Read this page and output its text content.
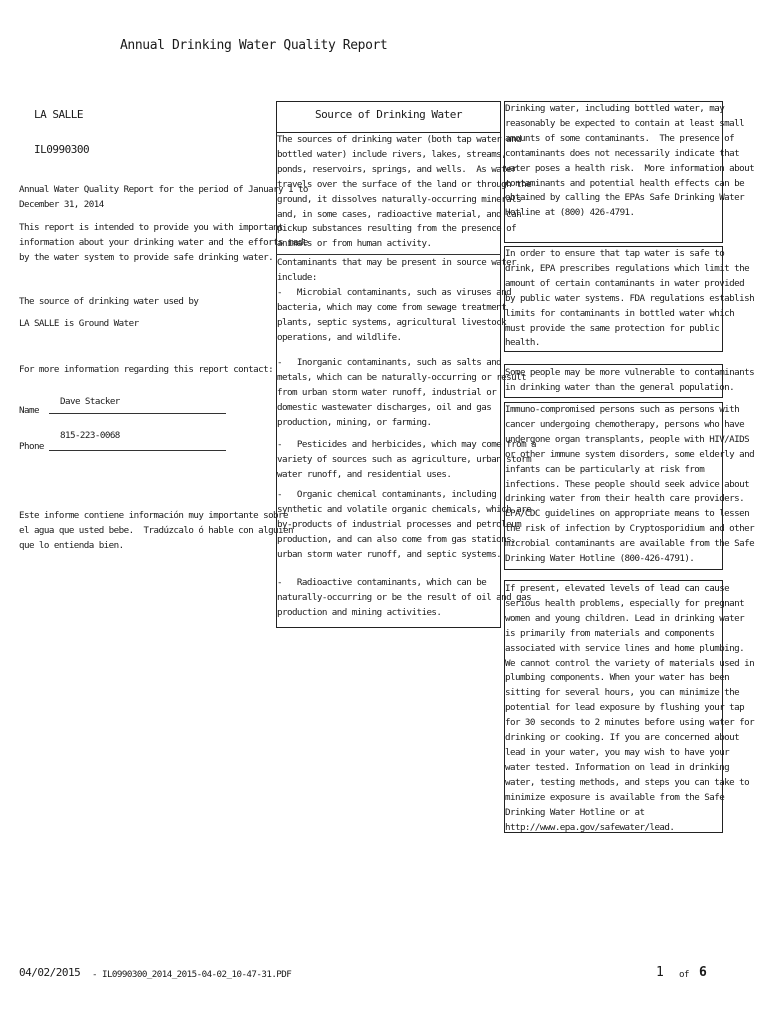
Annual Drinking Water Quality Report
LA SALLE
IL0990300
Annual Water Quality Report for the period of January 1 to
December 31, 2014
This report is intended to provide you with important
information about your drinking water and the efforts made
by the water system to provide safe drinking water.
The source of drinking water used by
LA SALLE is Ground Water
For more information regarding this report contact:
Name
Dave Stacker
Phone
815-223-0068
Este informe contiene información muy importante sobre
el agua que usted bebe.  Tradúzcalo ó hable con alguien
que lo entienda bien.
Source of Drinking Water
The sources of drinking water (both tap water and
bottled water) include rivers, lakes, streams,
ponds, reservoirs, springs, and wells.  As water
travels over the surface of the land or through the
ground, it dissolves naturally-occurring minerals
and, in some cases, radioactive material, and can
pickup substances resulting from the presence of
animals or from human activity.
Contaminants that may be present in source water
include:
-   Microbial contaminants, such as viruses and
bacteria, which may come from sewage treatment
plants, septic systems, agricultural livestock
operations, and wildlife.
-   Inorganic contaminants, such as salts and
metals, which can be naturally-occurring or result
from urban storm water runoff, industrial or
domestic wastewater discharges, oil and gas
production, mining, or farming.
-   Pesticides and herbicides, which may come from a
variety of sources such as agriculture, urban storm
water runoff, and residential uses.
-   Organic chemical contaminants, including
synthetic and volatile organic chemicals, which are
by-products of industrial processes and petroleum
production, and can also come from gas stations,
urban storm water runoff, and septic systems.
-   Radioactive contaminants, which can be
naturally-occurring or be the result of oil and gas
production and mining activities.
Drinking water, including bottled water, may
reasonably be expected to contain at least small
amounts of some contaminants.  The presence of
contaminants does not necessarily indicate that
water poses a health risk.  More information about
contaminants and potential health effects can be
obtained by calling the EPAs Safe Drinking Water
Hotline at (800) 426-4791.
In order to ensure that tap water is safe to
drink, EPA prescribes regulations which limit the
amount of certain contaminants in water provided
by public water systems. FDA regulations establish
limits for contaminants in bottled water which
must provide the same protection for public
health.
Some people may be more vulnerable to contaminants
in drinking water than the general population.
Immuno-compromised persons such as persons with
cancer undergoing chemotherapy, persons who have
undergone organ transplants, people with HIV/AIDS
or other immune system disorders, some elderly and
infants can be particularly at risk from
infections. These people should seek advice about
drinking water from their health care providers.
EPA/CDC guidelines on appropriate means to lessen
the risk of infection by Cryptosporidium and other
microbial contaminants are available from the Safe
Drinking Water Hotline (800-426-4791).
If present, elevated levels of lead can cause
serious health problems, especially for pregnant
women and young children. Lead in drinking water
is primarily from materials and components
associated with service lines and home plumbing.
We cannot control the variety of materials used in
plumbing components. When your water has been
sitting for several hours, you can minimize the
potential for lead exposure by flushing your tap
for 30 seconds to 2 minutes before using water for
drinking or cooking. If you are concerned about
lead in your water, you may wish to have your
water tested. Information on lead in drinking
water, testing methods, and steps you can take to
minimize exposure is available from the Safe
Drinking Water Hotline or at
http://www.epa.gov/safewater/lead.
04/02/2015 - IL0990300_2014_2015-04-02_10-47-31.PDF	1 of 6
